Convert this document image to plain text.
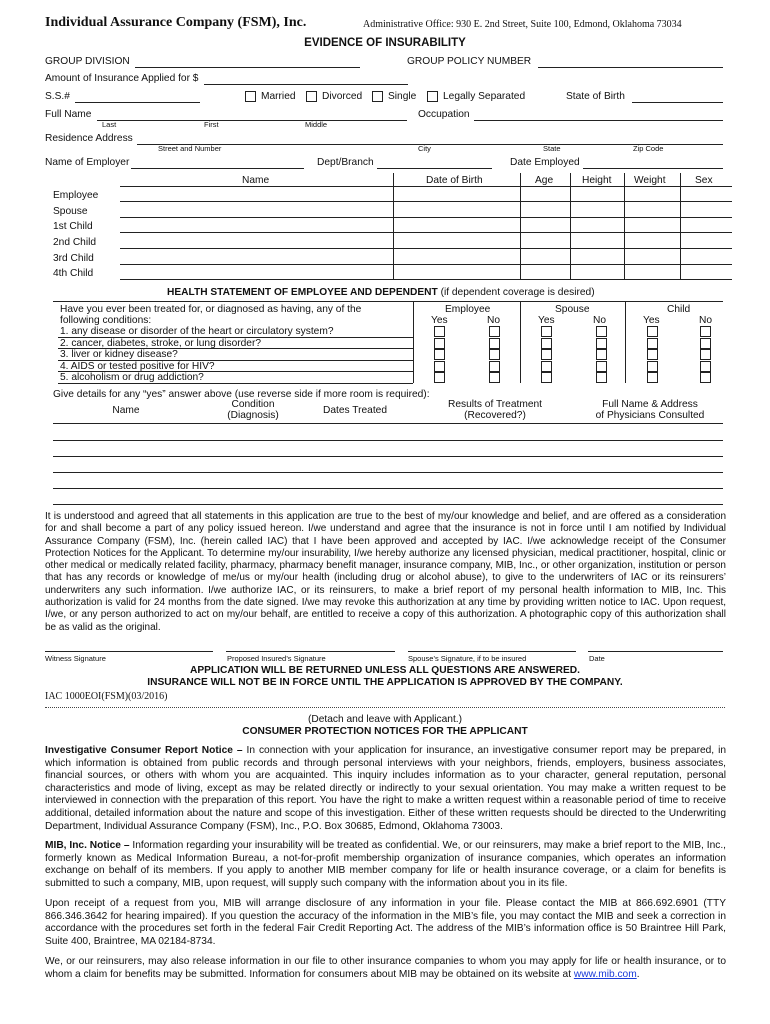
Individual Assurance Company (FSM), Inc.	Administrative Office: 930 E. 2nd Street, Suite 100, Edmond, Oklahoma 73034
EVIDENCE OF INSURABILITY
GROUP DIVISION	GROUP POLICY NUMBER
Amount of Insurance Applied for $
S.S.#	Married	Divorced	Single	Legally Separated	State of Birth
Full Name	Occupation
Last	First	Middle
Residence Address
Street and Number	City	State	Zip Code
Name of Employer	Dept/Branch	Date Employed
Name	Date of Birth	Age	Height Weight	Sex
Employee
Spouse
1st Child
2nd Child
3rd Child
4th Child
HEALTH STATEMENT OF EMPLOYEE AND DEPENDENT (if dependent coverage is desired)
Have you ever been treated for, or diagnosed as having, any of the
following conditions:
Employee	Spouse	Child
Yes	No	Yes	No	Yes	No
1. any disease or disorder of the heart or circulatory system?
2. cancer, diabetes, stroke, or lung disorder?
3. liver or kidney disease?
4. AIDS or tested positive for HIV?
5. alcoholism or drug addiction?
Give details for any “yes” answer above (use reverse side if more room is required):
Name
Condition
(Diagnosis)	Dates Treated
Results of Treatment
(Recovered?)
Full Name & Address
of Physicians Consulted
It is understood and agreed that all statements in this application are true to the best of my/our knowledge and belief, and are offered as a consideration for and shall become a part of any policy issued hereon. I/we understand and agree that the insurance is not in force until I am notified by Individual Assurance Company (FSM), Inc. (herein called IAC) that I have been approved and accepted by IAC. I/we acknowledge receipt of the Consumer Protection Notices for the Applicant. To determine my/our insurability, I/we hereby authorize any licensed physician, medical practitioner, hospital, clinic or other medical or medically related facility, pharmacy, pharmacy benefit manager, insurance company, MIB, Inc., or other organization, institution or person that has any records or knowledge of me/us or my/our health (including drug or alcohol abuse), to give to the underwriters of IAC or its reinsurers’ underwriters any such information. I/we authorize IAC, or its reinsurers, to make a brief report of my personal health information to MIB, Inc. This authorization is valid for 24 months from the date signed. I/we may revoke this authorization at any time by providing written notice to IAC. Upon request, I/we, or any person authorized to act on my/our behalf, are entitled to receive a copy of this authorization. A photographic copy of this authorization shall be as valid as the original.
Witness Signature	Proposed Insured’s Signature	Spouse’s Signature, if to be insured	Date
APPLICATION WILL BE RETURNED UNLESS ALL QUESTIONS ARE ANSWERED.
INSURANCE WILL NOT BE IN FORCE UNTIL THE APPLICATION IS APPROVED BY THE COMPANY.
IAC 1000EOI(FSM)(03/2016)
(Detach and leave with Applicant.)
CONSUMER PROTECTION NOTICES FOR THE APPLICANT
Investigative Consumer Report Notice – In connection with your application for insurance, an investigative consumer report may be prepared, in which information is obtained from public records and through personal interviews with your neighbors, friends, employers, business associates, financial sources, or others with whom you are acquainted. This inquiry includes information as to your character, general reputation, personal characteristics and mode of living, except as may be related directly or indirectly to your sexual orientation. You may make a written request to be interviewed in connection with the preparation of this report. You have the right to make a written request within a reasonable period of time to receive additional, detailed information about the nature and scope of this investigation. Either of these written requests should be directed to the Underwriting Department, Individual Assurance Company (FSM), Inc., P.O. Box 30685, Edmond, Oklahoma 73003.
MIB, Inc. Notice – Information regarding your insurability will be treated as confidential. We, or our reinsurers, may make a brief report to the MIB, Inc., formerly known as Medical Information Bureau, a not-for-profit membership organization of insurance companies, which operates an information exchange on behalf of its members. If you apply to another MIB member company for life or health insurance coverage, or a claim for benefits is submitted to such a company, MIB, upon request, will supply such company with the information about you in its file.
Upon receipt of a request from you, MIB will arrange disclosure of any information in your file. Please contact the MIB at 866.692.6901 (TTY 866.346.3642 for hearing impaired). If you question the accuracy of the information in the MIB’s file, you may contact the MIB and seek a correction in accordance with the procedures set forth in the federal Fair Credit Reporting Act. The address of the MIB’s information office is 50 Braintree Hill Park, Suite 400, Braintree, MA 02184-8734.
We, or our reinsurers, may also release information in our file to other insurance companies to whom you may apply for life or health insurance, or to whom a claim for benefits may be submitted. Information for consumers about MIB may be obtained on its website at www.mib.com.
